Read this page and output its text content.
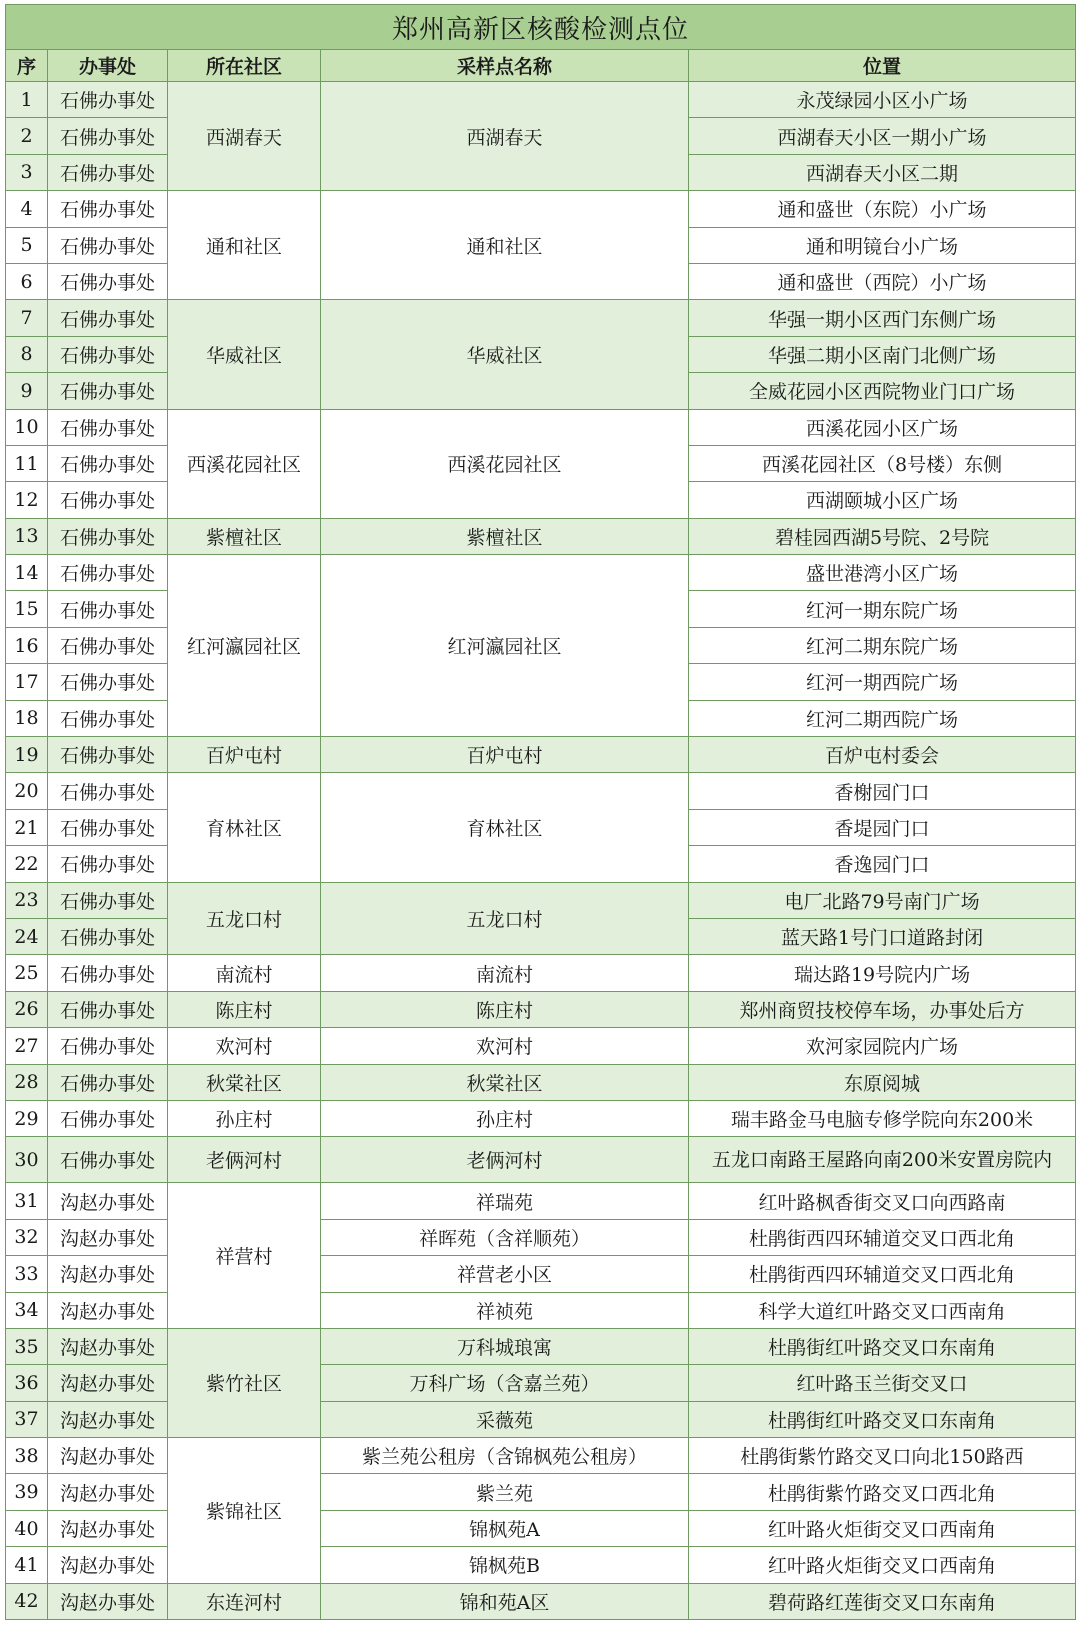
郑州高新区核酸检测点位				
序	办事处	所在社区	采样点名称	位置
1	石佛办事处	西湖春天	西湖春天	永茂绿园小区小广场
2	石佛办事处			西湖春天小区一期小广场
3	石佛办事处			西湖春天小区二期
4	石佛办事处	通和社区	通和社区	通和盛世（东院）小广场
5	石佛办事处			通和明镜台小广场
6	石佛办事处			通和盛世（西院）小广场
7	石佛办事处	华威社区	华威社区	华强一期小区西门东侧广场
8	石佛办事处			华强二期小区南门北侧广场
9	石佛办事处			全威花园小区西院物业门口广场
10	石佛办事处	西溪花园社区	西溪花园社区	西溪花园小区广场
11	石佛办事处			西溪花园社区（8号楼）东侧
12	石佛办事处			西湖颐城小区广场
13	石佛办事处	紫檀社区	紫檀社区	碧桂园西湖5号院、2号院
14	石佛办事处	红河瀛园社区	红河瀛园社区	盛世港湾小区广场
15	石佛办事处			红河一期东院广场
16	石佛办事处			红河二期东院广场
17	石佛办事处			红河一期西院广场
18	石佛办事处			红河二期西院广场
19	石佛办事处	百炉屯村	百炉屯村	百炉屯村委会
20	石佛办事处	育林社区	育林社区	香榭园门口
21	石佛办事处			香堤园门口
22	石佛办事处			香逸园门口
23	石佛办事处	五龙口村	五龙口村	电厂北路79号南门广场
24	石佛办事处			蓝天路1号门口道路封闭
25	石佛办事处	南流村	南流村	瑞达路19号院内广场
26	石佛办事处	陈庄村	陈庄村	郑州商贸技校停车场，办事处后方
27	石佛办事处	欢河村	欢河村	欢河家园院内广场
28	石佛办事处	秋棠社区	秋棠社区	东原阅城
29	石佛办事处	孙庄村	孙庄村	瑞丰路金马电脑专修学院向东200米
30	石佛办事处	老俩河村	老俩河村	五龙口南路王屋路向南200米安置房院内
31	沟赵办事处	祥营村	祥瑞苑	红叶路枫香街交叉口向西路南
32	沟赵办事处		祥晖苑（含祥顺苑）	杜鹃街西四环辅道交叉口西北角
33	沟赵办事处		祥营老小区	杜鹃街西四环辅道交叉口西北角
34	沟赵办事处		祥祯苑	科学大道红叶路交叉口西南角
35	沟赵办事处	紫竹社区	万科城琅寓	杜鹃街红叶路交叉口东南角
36	沟赵办事处		万科广场（含嘉兰苑）	红叶路玉兰街交叉口
37	沟赵办事处		采薇苑	杜鹃街红叶路交叉口东南角
38	沟赵办事处	紫锦社区	紫兰苑公租房（含锦枫苑公租房）	杜鹃街紫竹路交叉口向北150路西
39	沟赵办事处		紫兰苑	杜鹃街紫竹路交叉口西北角
40	沟赵办事处		锦枫苑A	红叶路火炬街交叉口西南角
41	沟赵办事处		锦枫苑B	红叶路火炬街交叉口西南角
42	沟赵办事处	东连河村	锦和苑A区	碧荷路红莲街交叉口东南角
